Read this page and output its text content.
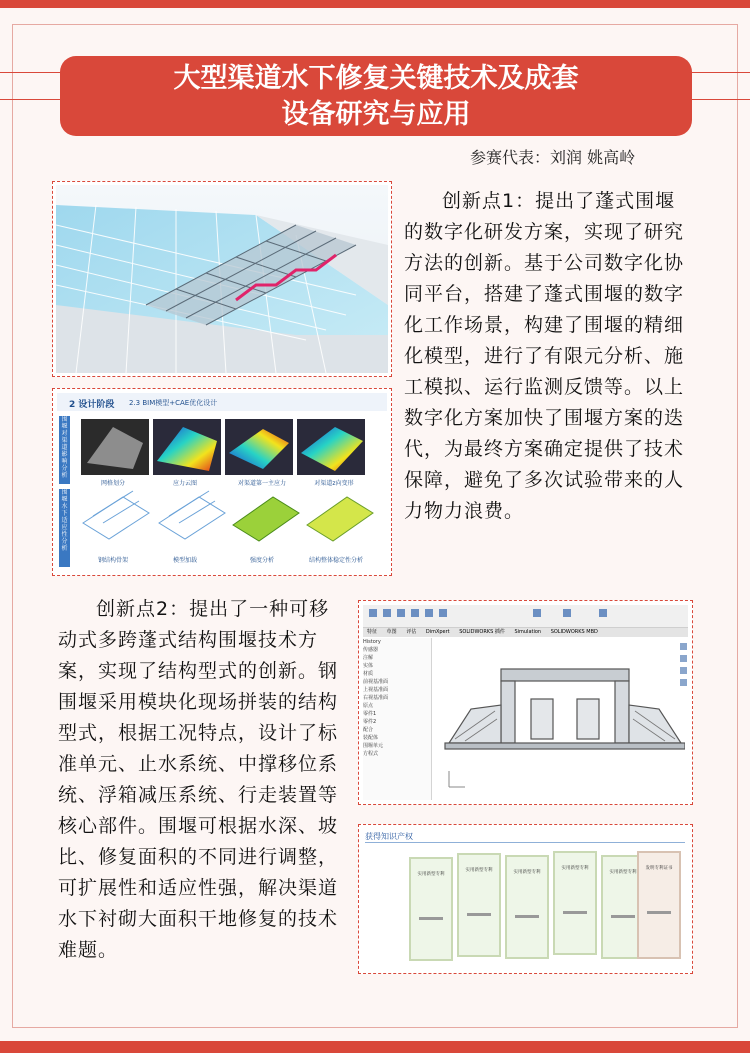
大型渠道水下修复关键技术及成套
设备研究与应用
参赛代表：刘润 姚高岭
2 设计阶段 2.3 BIM模型+CAE优化设计
围堰对渠道影响分析
围堰水下适应性分析
网格划分	应力云图	对渠道第一主应力	对渠道z向变形
钢结构骨架	模型加载	强度分析	结构整体稳定性分析

创新点1：提出了蓬式围堰的数字化研发方案，实现了研究方法的创新。基于公司数字化协同平台，搭建了蓬式围堰的数字化工作场景，构建了围堰的精细化模型，进行了有限元分析、施工模拟、运行监测反馈等。以上数字化方案加快了围堰方案的迭代，为最终方案确定提供了技术保障，避免了多次试验带来的人力物力浪费。

创新点2：提出了一种可移动式多跨蓬式结构围堰技术方案，实现了结构型式的创新。钢围堰采用模块化现场拼装的结构型式，根据工况特点，设计了标准单元、止水系统、中撑移位系统、浮箱减压系统、行走装置等核心部件。围堰可根据水深、坡比、修复面积的不同进行调整，可扩展性和适应性强，解决渠道水下衬砌大面积干地修复的技术难题。

特征 草图 评估 DimXpert SOLIDWORKS 插件 Simulation SOLIDWORKS MBD
History
传感器
注解
实体
材质
前视基准面
上视基准面
右视基准面
原点
零件1
零件2
配合
装配体
围堰单元
方程式
获得知识产权
实用新型专利
实用新型专利	实用新型专利
实用新型专利
实用新型专利
发明专利证书
